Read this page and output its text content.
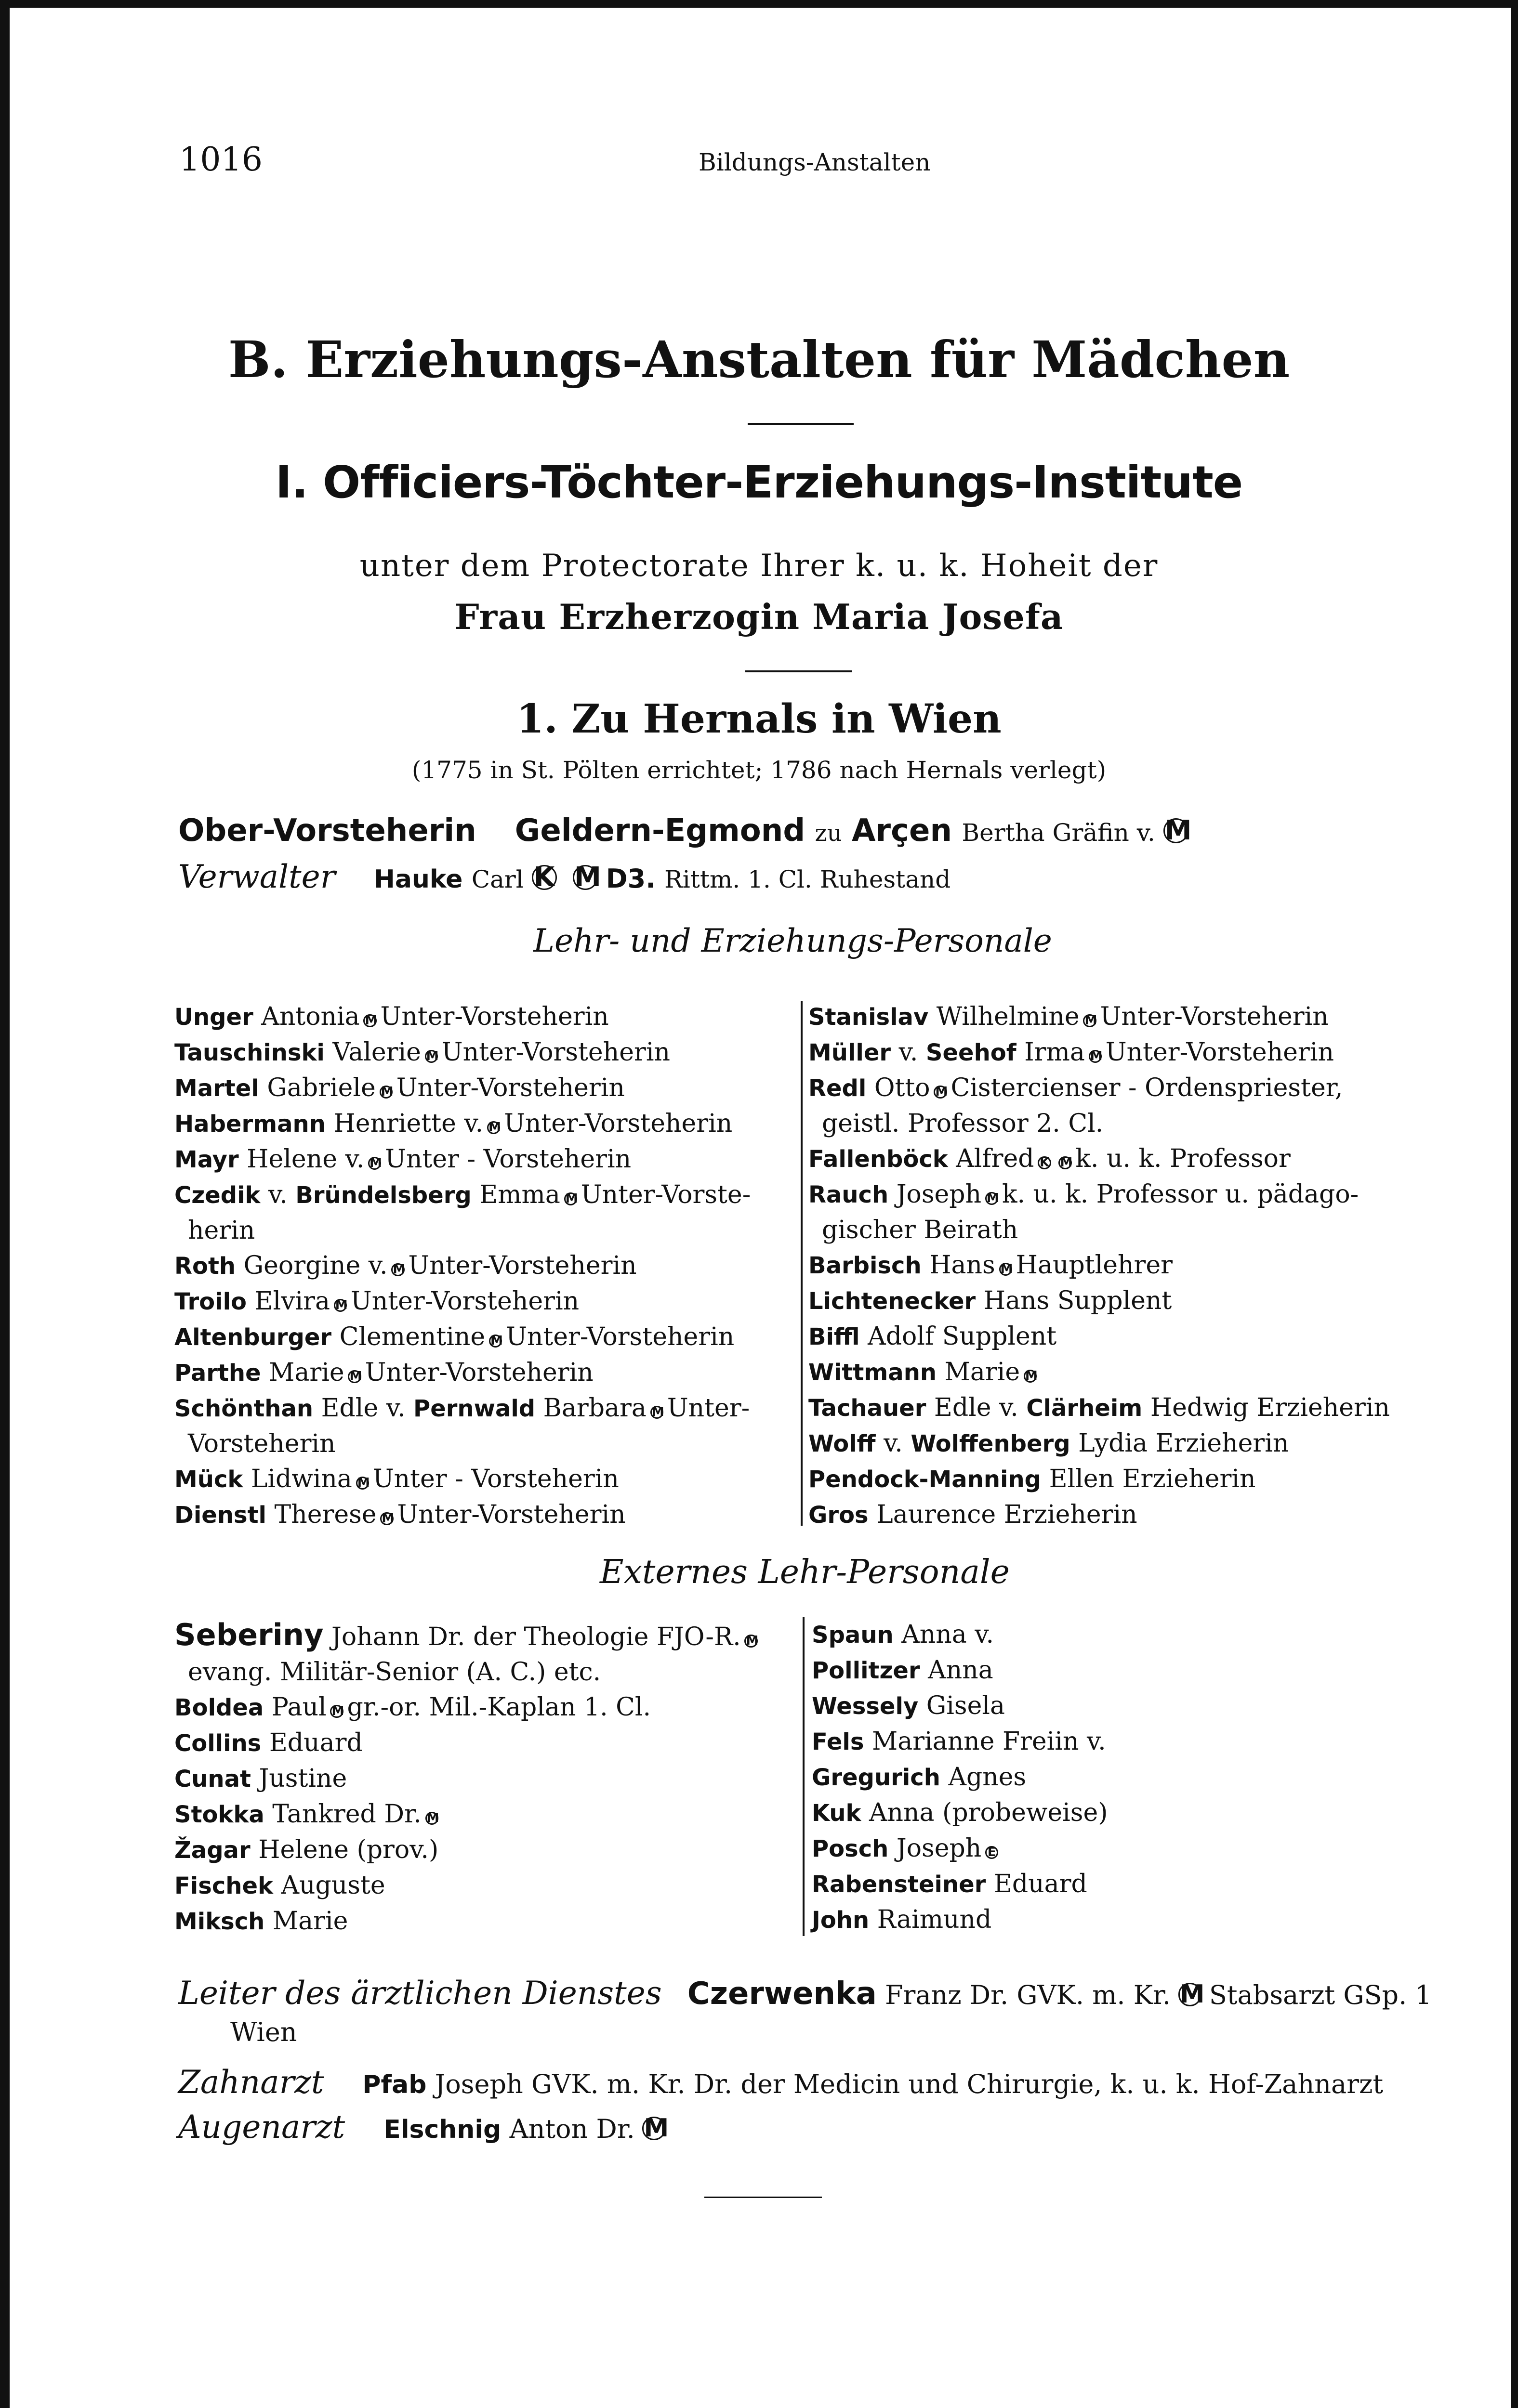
1016	Bildungs-Anstalten
B. Erziehungs-Anstalten für Mädchen
I. Officiers-Töchter-Erziehungs-Institute
unter dem Protectorate Ihrer k. u. k. Hoheit der
Frau Erzherzogin Maria Josefa
1. Zu Hernals in Wien
(1775 in St. Pölten errichtet; 1786 nach Hernals verlegt)
Ober-Vorsteherin Geldern-Egmond zu Arçen Bertha Gräfin v. M
Verwalter Hauke Carl K M D3. Rittm. 1. Cl. Ruhestand
Lehr- und Erziehungs-Personale
Unger Antonia M Unter-Vorsteherin
Tauschinski Valerie M Unter-Vorsteherin
Martel Gabriele M Unter-Vorsteherin
Habermann Henriette v. M Unter-Vorsteherin
Mayr Helene v. M Unter - Vorsteherin
Czedik v. Bründelsberg Emma M Unter-Vorste-
herin
Roth Georgine v. M Unter-Vorsteherin
Troilo Elvira M Unter-Vorsteherin
Altenburger Clementine M Unter-Vorsteherin
Parthe Marie M Unter-Vorsteherin
Schönthan Edle v. Pernwald Barbara M Unter-
Vorsteherin
Mück Lidwina M Unter - Vorsteherin
Dienstl Therese M Unter-Vorsteherin
Stanislav Wilhelmine M Unter-Vorsteherin
Müller v. Seehof Irma M Unter-Vorsteherin
Redl Otto M Cistercienser - Ordenspriester,
geistl. Professor 2. Cl.
Fallenböck Alfred K M k. u. k. Professor
Rauch Joseph M k. u. k. Professor u. pädago-
gischer Beirath
Barbisch Hans M Hauptlehrer
Lichtenecker Hans Supplent
Biffl Adolf Supplent
Wittmann Marie M
Tachauer Edle v. Clärheim Hedwig Erzieherin
Wolff v. Wolffenberg Lydia Erzieherin
Pendock-Manning Ellen Erzieherin
Gros Laurence Erzieherin
Externes Lehr-Personale
Seberiny Johann Dr. der Theologie FJO-R. M
evang. Militär-Senior (A. C.) etc.
Boldea Paul M gr.-or. Mil.-Kaplan 1. Cl.
Collins Eduard
Cunat Justine
Stokka Tankred Dr. M
Žagar Helene (prov.)
Fischek Auguste
Miksch Marie
Spaun Anna v.
Pollitzer Anna
Wessely Gisela
Fels Marianne Freiin v.
Gregurich Agnes
Kuk Anna (probeweise)
Posch Joseph E
Rabensteiner Eduard
John Raimund
Leiter des ärztlichen Dienstes Czerwenka Franz Dr. GVK. m. Kr. M Stabsarzt GSp. 1
Wien
Zahnarzt Pfab Joseph GVK. m. Kr. Dr. der Medicin und Chirurgie, k. u. k. Hof-Zahnarzt
Augenarzt Elschnig Anton Dr. M
